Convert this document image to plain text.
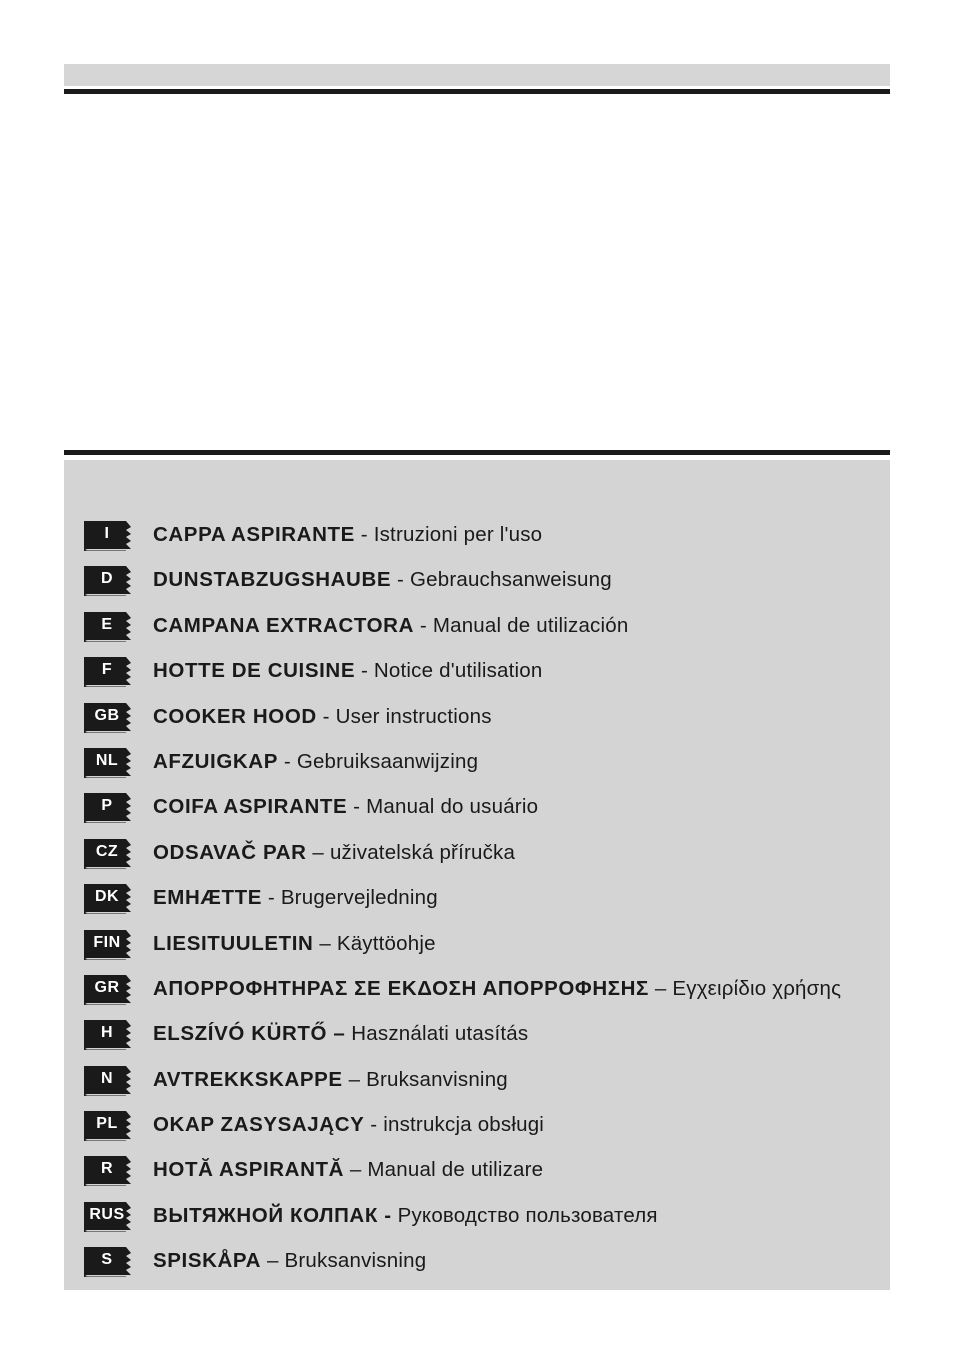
I	CAPPA ASPIRANTE - Istruzioni per l'uso
D	DUNSTABZUGSHAUBE - Gebrauchsanweisung
E	CAMPANA EXTRACTORA - Manual de utilización
F	HOTTE DE CUISINE - Notice d'utilisation
GB	COOKER HOOD - User instructions
NL	AFZUIGKAP - Gebruiksaanwijzing
P	COIFA ASPIRANTE - Manual do usuário
CZ	ODSAVAČ PAR – uživatelská příručka
DK	EMHÆTTE - Brugervejledning
FIN	LIESITUULETIN – Käyttöohje
GR	ΑΠΟΡΡΟΦΗΤΗΡΑΣ ΣΕ ΕΚΔΟΣΗ ΑΠΟΡΡΟΦΗΣΗΣ – Εγχειρίδιο χρήσης
H	ELSZÍVÓ KÜRTŐ – Használati utasítás
N	AVTREKKSKAPPE – Bruksanvisning
PL	OKAP ZASYSAJĄCY - instrukcja obsługi
R	HOTĂ ASPIRANTĂ – Manual de utilizare
RUS ВЫТЯЖНОЙ КОЛПАК - Руководство пользователя
S	SPISKÅPA – Bruksanvisning
